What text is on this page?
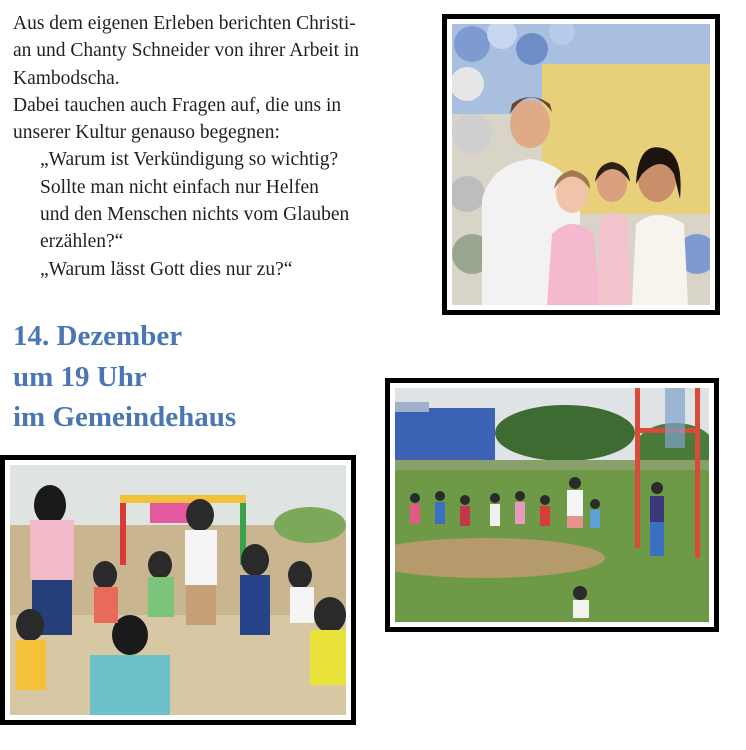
Aus dem eigenen Erleben berichten Christi-
an und Chanty Schneider von ihrer Arbeit in
Kambodscha.
Dabei tauchen auch Fragen auf, die uns in
unserer Kultur genauso begegnen:

„Warum ist Verkündigung so wichtig?
Sollte man nicht einfach nur Helfen
und den Menschen nichts vom Glauben
erzählen?“
„Warum lässt Gott dies nur zu?“
14. Dezember
um 19 Uhr
im Gemeindehaus
